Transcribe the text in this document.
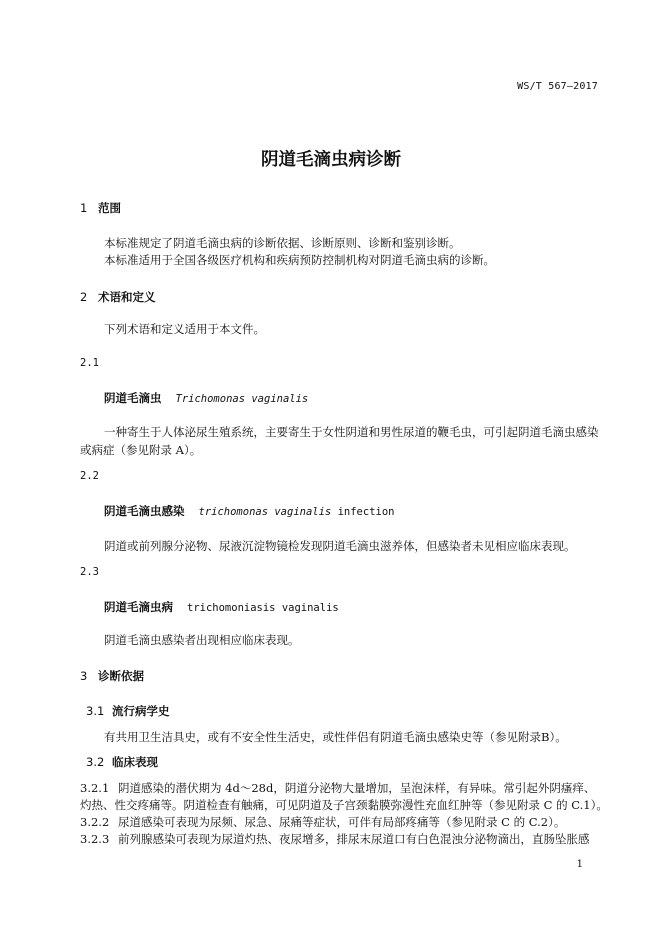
WS/T 567—2017
阴道毛滴虫病诊断
1 范围
本标准规定了阴道毛滴虫病的诊断依据、诊断原则、诊断和鉴别诊断。
本标准适用于全国各级医疗机构和疾病预防控制机构对阴道毛滴虫病的诊断。
2 术语和定义
下列术语和定义适用于本文件。
2.1
阴道毛滴虫 Trichomonas vaginalis
一种寄生于人体泌尿生殖系统，主要寄生于女性阴道和男性尿道的鞭毛虫，可引起阴道毛滴虫感染
或病症（参见附录 A）。
2.2
阴道毛滴虫感染 trichomonas vaginalis infection
阴道或前列腺分泌物、尿液沉淀物镜检发现阴道毛滴虫滋养体，但感染者未见相应临床表现。
2.3
阴道毛滴虫病 trichomoniasis vaginalis
阴道毛滴虫感染者出现相应临床表现。
3 诊断依据
3.1 流行病学史
有共用卫生洁具史，或有不安全性生活史，或性伴侣有阴道毛滴虫感染史等（参见附录B）。
3.2 临床表现
3.2.1 阴道感染的潜伏期为 4d～28d，阴道分泌物大量增加，呈泡沫样，有异味。常引起外阴瘙痒、
灼热、性交疼痛等。阴道检查有触痛，可见阴道及子宫颈黏膜弥漫性充血红肿等（参见附录 C 的 C.1）。
3.2.2 尿道感染可表现为尿频、尿急、尿痛等症状，可伴有局部疼痛等（参见附录 C 的 C.2）。
3.2.3 前列腺感染可表现为尿道灼热、夜尿增多，排尿末尿道口有白色混浊分泌物滴出，直肠坠胀感
1
